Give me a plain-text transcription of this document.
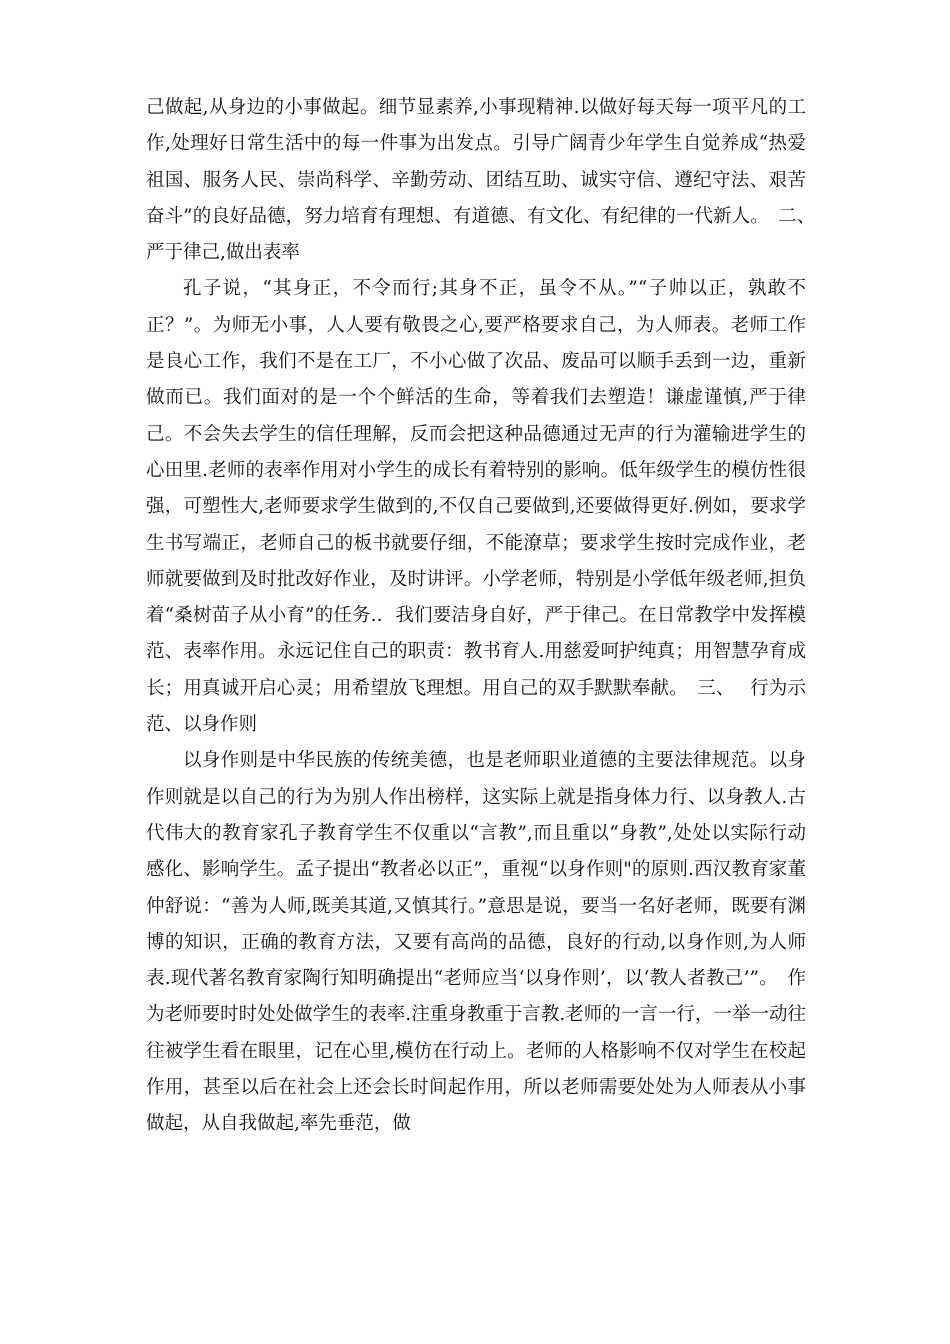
己做起,从身边的小事做起。细节显素养,小事现精神.以做好每天每一项平凡的工作,处理好日常生活中的每一件事为出发点。引导广阔青少年学生自觉养成“热爱祖国、服务人民、崇尚科学、辛勤劳动、团结互助、诚实守信、遵纪守法、艰苦奋斗”的良好品德，努力培育有理想、有道德、有文化、有纪律的一代新人。　二、　 严于律己,做出表率

孔子说，“其身正，不令而行;其身不正，虽令不从。”“子帅以正，孰敢不正？”。为师无小事，人人要有敬畏之心,要严格要求自己，为人师表。老师工作是良心工作，我们不是在工厂，不小心做了次品、废品可以顺手丢到一边，重新做而已。我们面对的是一个个鲜活的生命，等着我们去塑造！谦虚谨慎,严于律己。不会失去学生的信任理解，反而会把这种品德通过无声的行为灌输进学生的心田里.老师的表率作用对小学生的成长有着特别的影响。低年级学生的模仿性很强，可塑性大,老师要求学生做到的,不仅自己要做到,还要做得更好.例如，要求学生书写端正，老师自己的板书就要仔细，不能潦草；要求学生按时完成作业，老师就要做到及时批改好作业，及时讲评。小学老师，特别是小学低年级老师,担负着“桑树苗子从小育”的任务.．我们要洁身自好，严于律己。在日常教学中发挥模范、表率作用。永远记住自己的职责：教书育人.用慈爱呵护纯真；用智慧孕育成长；用真诚开启心灵；用希望放飞理想。用自己的双手默默奉献。　三、　 行为示范、以身作则

以身作则是中华民族的传统美德，也是老师职业道德的主要法律规范。以身作则就是以自己的行为为别人作出榜样，这实际上就是指身体力行、以身教人.古代伟大的教育家孔子教育学生不仅重以“言教”,而且重以“身教”,处处以实际行动感化、影响学生。孟子提出“教者必以正”，重视“以身作则"的原则.西汉教育家董仲舒说：“善为人师,既美其道,又慎其行。”意思是说，要当一名好老师，既要有渊博的知识，正确的教育方法，又要有高尚的品德，良好的行动,以身作则,为人师表.现代著名教育家陶行知明确提出“老师应当‘以身作则’，以‘教人者教己’”。　作为老师要时时处处做学生的表率.注重身教重于言教.老师的一言一行，一举一动往往被学生看在眼里，记在心里,模仿在行动上。老师的人格影响不仅对学生在校起作用，甚至以后在社会上还会长时间起作用，所以老师需要处处为人师表从小事做起，从自我做起,率先垂范，做
